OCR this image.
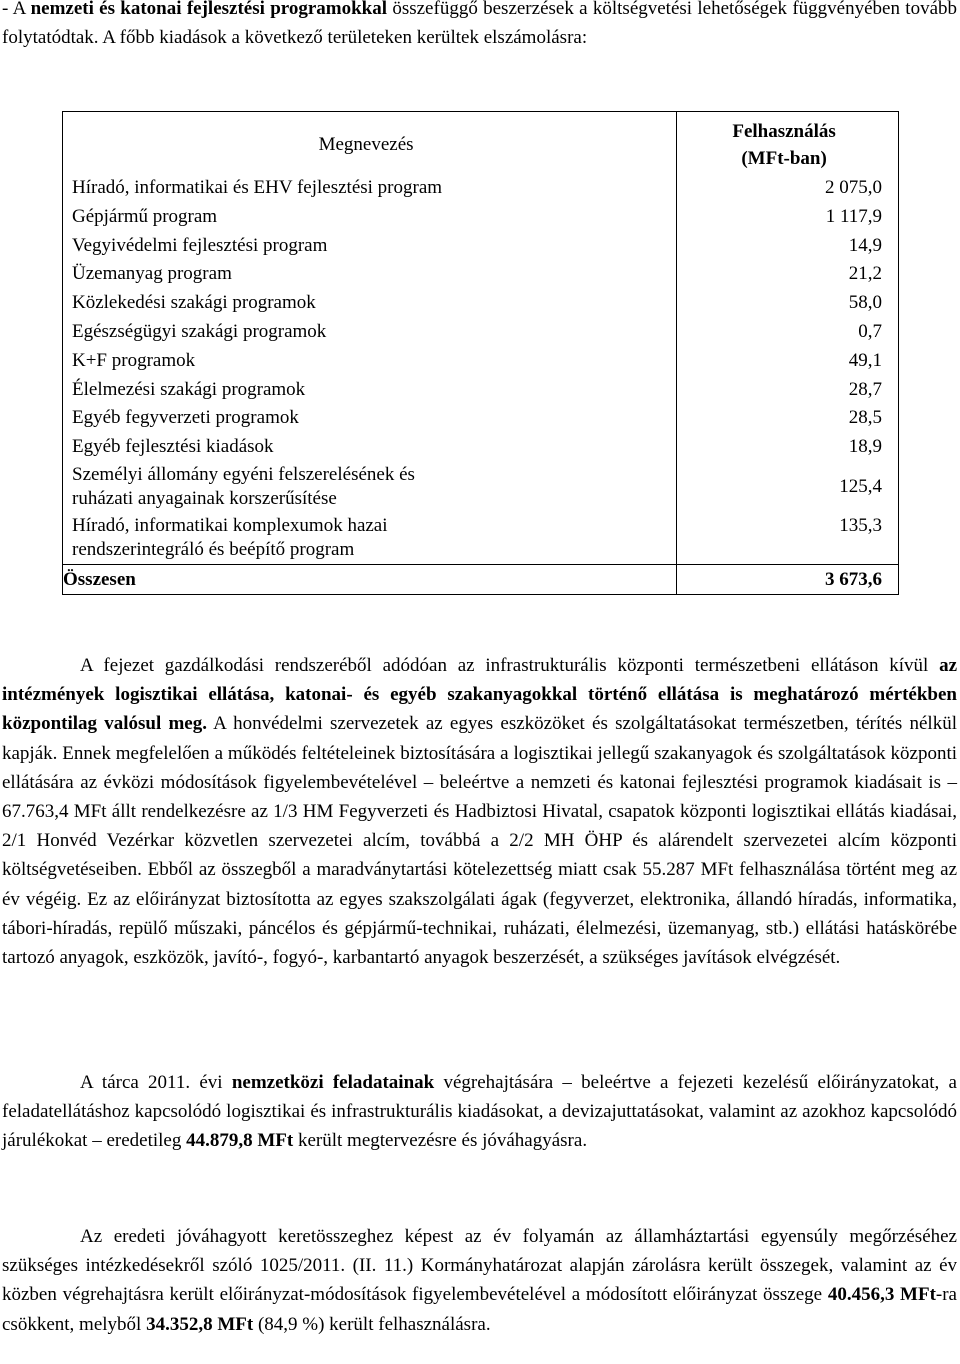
- A nemzeti és katonai fejlesztési programokkal összefüggő beszerzések a költségvetési lehetőségek függvényében tovább folytatódtak. A főbb kiadások a következő területeken kerültek elszámolásra:

Megnevezés	Felhasználás
(MFt-ban)
Híradó, informatikai és EHV fejlesztési program	2 075,0
Gépjármű program	1 117,9
Vegyivédelmi fejlesztési program	14,9
Üzemanyag program	21,2
Közlekedési szakági programok	58,0
Egészségügyi szakági programok	0,7
K+F programok	49,1
Élelmezési szakági programok	28,7
Egyéb fegyverzeti programok	28,5
Egyéb fejlesztési kiadások	18,9
Személyi állomány egyéni felszerelésének és
ruházati anyagainak korszerűsítése	125,4
Híradó, informatikai komplexumok hazai
rendszerintegráló és beépítő program	135,3
Összesen	3 673,6

A fejezet gazdálkodási rendszeréből adódóan az infrastrukturális központi természetbeni ellátáson kívül az intézmények logisztikai ellátása, katonai- és egyéb szakanyagokkal történő ellátása is meghatározó mértékben központilag valósul meg. A honvédelmi szervezetek az egyes eszközöket és szolgáltatásokat természetben, térítés nélkül kapják. Ennek megfelelően a működés feltételeinek biztosítására a logisztikai jellegű szakanyagok és szolgáltatások központi ellátására az évközi módosítások figyelembevételével – beleértve a nemzeti és katonai fejlesztési programok kiadásait is – 67.763,4 MFt állt rendelkezésre az 1/3 HM Fegyverzeti és Hadbiztosi Hivatal, csapatok központi logisztikai ellátás kiadásai, 2/1 Honvéd Vezérkar közvetlen szervezetei alcím, továbbá a 2/2 MH ÖHP és alárendelt szervezetei alcím központi költségvetéseiben. Ebből az összegből a maradványtartási kötelezettség miatt csak 55.287 MFt felhasználása történt meg az év végéig. Ez az előirányzat biztosította az egyes szakszolgálati ágak (fegyverzet, elektronika, állandó híradás, informatika, tábori-híradás, repülő műszaki, páncélos és gépjármű-technikai, ruházati, élelmezési, üzemanyag, stb.) ellátási hatáskörébe tartozó anyagok, eszközök, javító-, fogyó-, karbantartó anyagok beszerzését, a szükséges javítások elvégzését.

A tárca 2011. évi nemzetközi feladatainak végrehajtására – beleértve a fejezeti kezelésű előirányzatokat, a feladatellátáshoz kapcsolódó logisztikai és infrastrukturális kiadásokat, a devizajuttatásokat, valamint az azokhoz kapcsolódó járulékokat – eredetileg 44.879,8 MFt került megtervezésre és jóváhagyásra.

Az eredeti jóváhagyott keretösszeghez képest az év folyamán az államháztartási egyensúly megőrzéséhez szükséges intézkedésekről szóló 1025/2011. (II. 11.) Kormányhatározat alapján zárolásra került összegek, valamint az év közben végrehajtásra került előirányzat-módosítások figyelembevételével a módosított előirányzat összege 40.456,3 MFt-ra csökkent, melyből 34.352,8 MFt (84,9 %) került felhasználásra.
